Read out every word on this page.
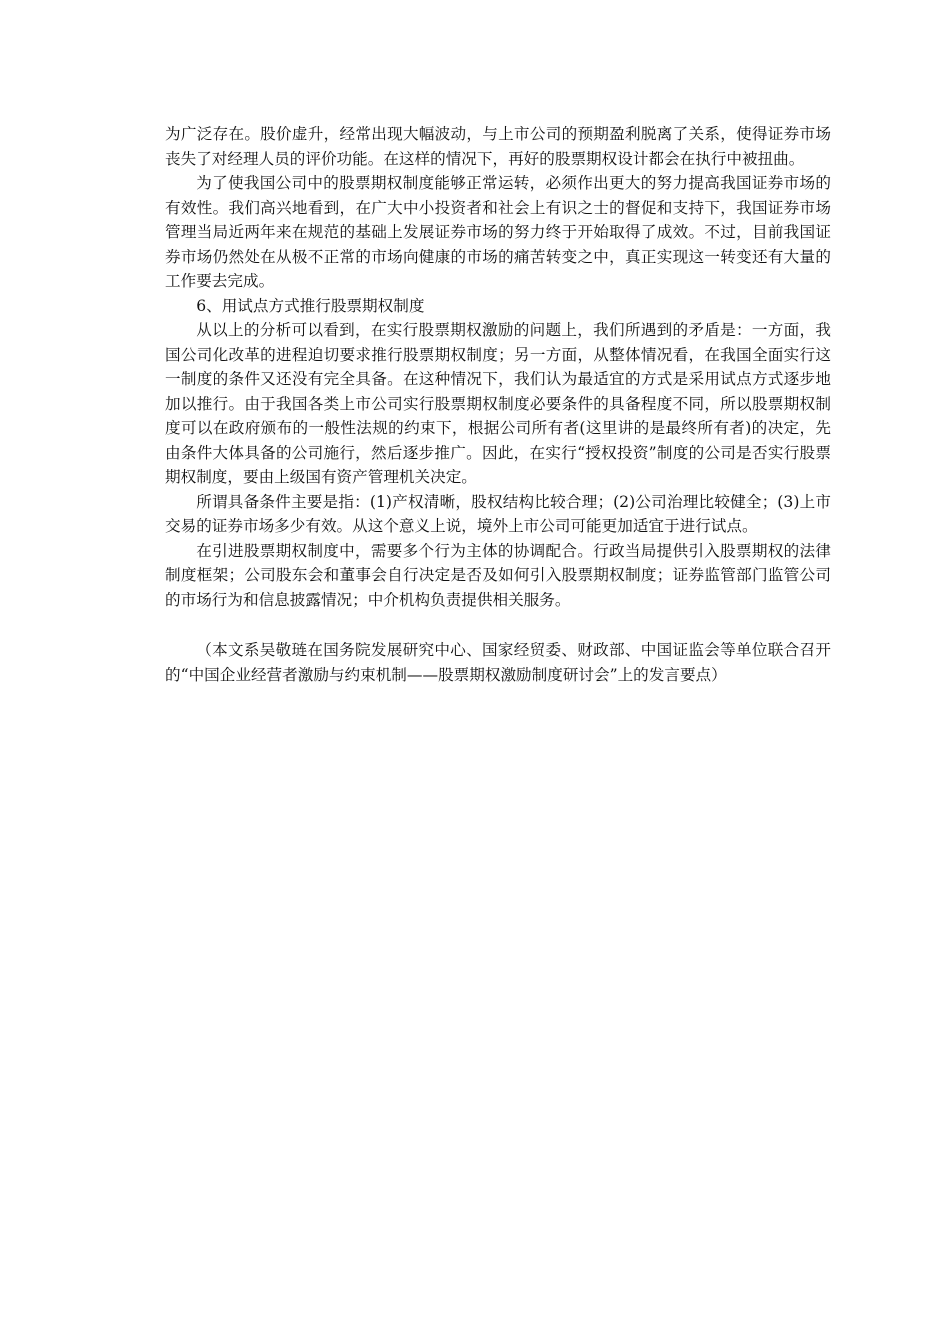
为广泛存在。股价虚升，经常出现大幅波动，与上市公司的预期盈利脱离了关系，使得证券市场丧失了对经理人员的评价功能。在这样的情况下，再好的股票期权设计都会在执行中被扭曲。

为了使我国公司中的股票期权制度能够正常运转，必须作出更大的努力提高我国证券市场的有效性。我们高兴地看到，在广大中小投资者和社会上有识之士的督促和支持下，我国证券市场管理当局近两年来在规范的基础上发展证券市场的努力终于开始取得了成效。不过，目前我国证券市场仍然处在从极不正常的市场向健康的市场的痛苦转变之中，真正实现这一转变还有大量的工作要去完成。

6、用试点方式推行股票期权制度

从以上的分析可以看到，在实行股票期权激励的问题上，我们所遇到的矛盾是：一方面，我国公司化改革的进程迫切要求推行股票期权制度；另一方面，从整体情况看，在我国全面实行这一制度的条件又还没有完全具备。在这种情况下，我们认为最适宜的方式是采用试点方式逐步地加以推行。由于我国各类上市公司实行股票期权制度必要条件的具备程度不同，所以股票期权制度可以在政府颁布的一般性法规的约束下，根据公司所有者(这里讲的是最终所有者)的决定，先由条件大体具备的公司施行，然后逐步推广。因此，在实行“授权投资”制度的公司是否实行股票期权制度，要由上级国有资产管理机关决定。

所谓具备条件主要是指：(1)产权清晰，股权结构比较合理；(2)公司治理比较健全；(3)上市交易的证券市场多少有效。从这个意义上说，境外上市公司可能更加适宜于进行试点。

在引进股票期权制度中，需要多个行为主体的协调配合。行政当局提供引入股票期权的法律制度框架；公司股东会和董事会自行决定是否及如何引入股票期权制度；证券监管部门监管公司的市场行为和信息披露情况；中介机构负责提供相关服务。

（本文系吴敬琏在国务院发展研究中心、国家经贸委、财政部、中国证监会等单位联合召开的“中国企业经营者激励与约束机制——股票期权激励制度研讨会”上的发言要点）
